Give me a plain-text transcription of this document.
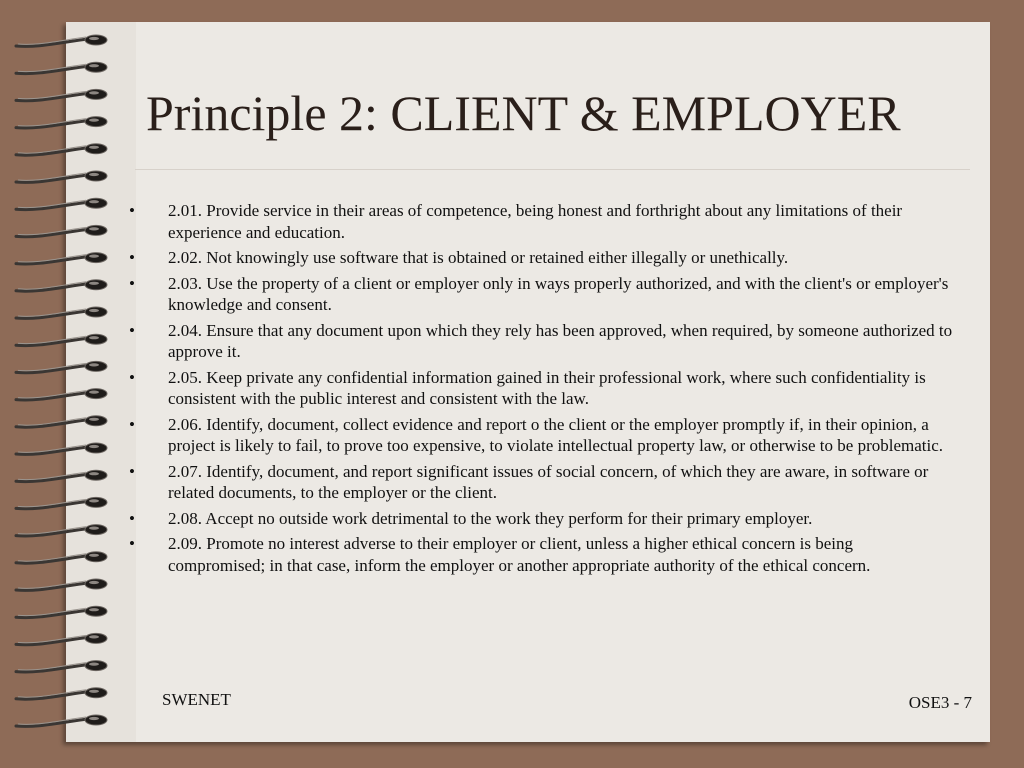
Principle 2: CLIENT & EMPLOYER
• 2.01. Provide service in their areas of competence, being honest and forthright about any limitations of their experience and education.
• 2.02. Not knowingly use software that is obtained or retained either illegally or unethically.
• 2.03. Use the property of a client or employer only in ways properly authorized, and with the client's or employer's knowledge and consent.
• 2.04. Ensure that any document upon which they rely has been approved, when required, by someone authorized to approve it.
• 2.05. Keep private any confidential information gained in their professional work, where such confidentiality is consistent with the public interest and consistent with the law.
• 2.06. Identify, document, collect evidence and report o the client or the employer promptly if, in their opinion, a project is likely to fail, to prove too expensive, to violate intellectual property law, or otherwise to be problematic.
• 2.07. Identify, document, and report significant issues of social concern, of which they are aware, in software or related documents, to the employer or the client.
• 2.08. Accept no outside work detrimental to the work they perform for their primary employer.
• 2.09. Promote no interest adverse to their employer or client, unless a higher ethical concern is being compromised; in that case, inform the employer or another appropriate authority of the ethical concern.
SWENET	OSE3 - 7
